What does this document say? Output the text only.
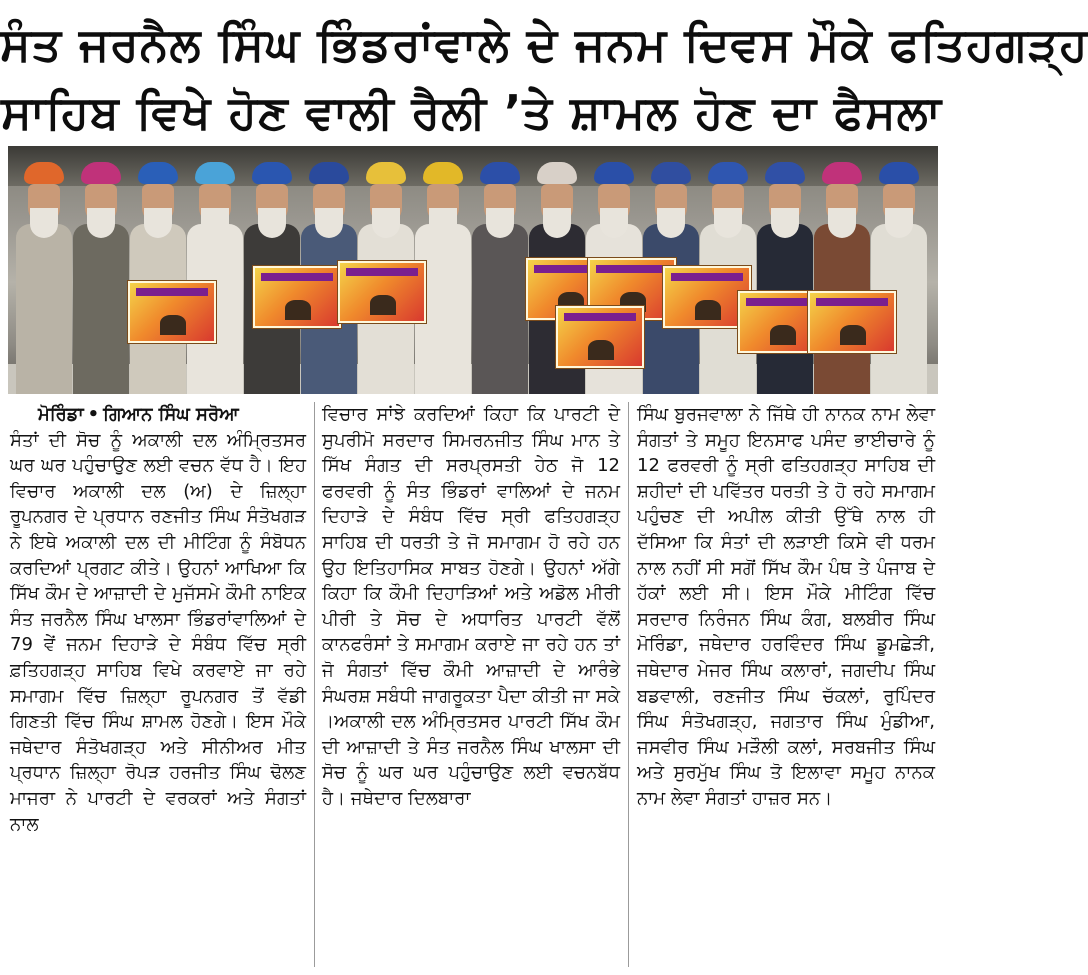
ਸੰਤ ਜਰਨੈਲ ਸਿੰਘ ਭਿੰਡਰਾਂਵਾਲੇ ਦੇ ਜਨਮ ਦਿਵਸ ਮੌਕੇ ਫਤਿਹਗੜ੍ਹ
ਸਾਹਿਬ ਵਿਖੇ ਹੋਣ ਵਾਲੀ ਰੈਲੀ ’ਤੇ ਸ਼ਾਮਲ ਹੋਣ ਦਾ ਫੈਸਲਾ
ਮੋਰਿੰਡਾ • ਗਿਆਨ ਸਿੰਘ ਸਰੋਆ
ਸੰਤਾਂ ਦੀ ਸੋਚ ਨੂੰ ਅਕਾਲੀ ਦਲ ਅੰਮ੍ਰਿਤਸਰ ਘਰ ਘਰ ਪਹੁੰਚਾਉਣ ਲਈ ਵਚਨ ਵੱਧ ਹੈ। ਇਹ ਵਿਚਾਰ ਅਕਾਲੀ ਦਲ (ਅ) ਦੇ ਜ਼ਿਲ੍ਹਾ ਰੂਪਨਗਰ ਦੇ ਪ੍ਰਧਾਨ ਰਣਜੀਤ ਸਿੰਘ ਸੰਤੋਖਗੜ ਨੇ ਇਥੇ ਅਕਾਲੀ ਦਲ ਦੀ ਮੀਟਿੰਗ ਨੂੰ ਸੰਬੋਧਨ ਕਰਦਿਆਂ ਪ੍ਰਗਟ ਕੀਤੇ। ਉਹਨਾਂ ਆਖਿਆ ਕਿ ਸਿੱਖ ਕੌਮ ਦੇ ਆਜ਼ਾਦੀ ਦੇ ਮੁਜੱਸਮੇ ਕੌਮੀ ਨਾਇਕ ਸੰਤ ਜਰਨੈਲ ਸਿੰਘ ਖਾਲਸਾ ਭਿੰਡਰਾਂਵਾਲਿਆਂ ਦੇ 79 ਵੇਂ ਜਨਮ ਦਿਹਾੜੇ ਦੇ ਸੰਬੰਧ ਵਿੱਚ ਸ੍ਰੀ ਫ਼ਤਿਹਗੜ੍ਹ ਸਾਹਿਬ ਵਿਖੇ ਕਰਵਾਏ ਜਾ ਰਹੇ ਸਮਾਗਮ ਵਿੱਚ ਜ਼ਿਲ੍ਹਾ ਰੂਪਨਗਰ ਤੋਂ ਵੱਡੀ ਗਿਣਤੀ ਵਿੱਚ ਸਿੰਘ ਸ਼ਾਮਲ ਹੋਣਗੇ। ਇਸ ਮੌਕੇ ਜਥੇਦਾਰ ਸੰਤੋਖਗੜ੍ਹ ਅਤੇ ਸੀਨੀਅਰ ਮੀਤ ਪ੍ਰਧਾਨ ਜ਼ਿਲ੍ਹਾ ਰੋਪੜ ਹਰਜੀਤ ਸਿੰਘ ਢੋਲਣ ਮਾਜਰਾ ਨੇ ਪਾਰਟੀ ਦੇ ਵਰਕਰਾਂ ਅਤੇ ਸੰਗਤਾਂ ਨਾਲ
ਵਿਚਾਰ ਸਾਂਝੇ ਕਰਦਿਆਂ ਕਿਹਾ ਕਿ ਪਾਰਟੀ ਦੇ ਸੁਪਰੀਮੋ ਸਰਦਾਰ ਸਿਮਰਨਜੀਤ ਸਿੰਘ ਮਾਨ ਤੇ ਸਿੱਖ ਸੰਗਤ ਦੀ ਸਰਪ੍ਰਸਤੀ ਹੇਠ ਜੋ 12 ਫਰਵਰੀ ਨੂੰ ਸੰਤ ਭਿੰਡਰਾਂ ਵਾਲਿਆਂ ਦੇ ਜਨਮ ਦਿਹਾੜੇ ਦੇ ਸੰਬੰਧ ਵਿੱਚ ਸ੍ਰੀ ਫਤਿਹਗੜ੍ਹ ਸਾਹਿਬ ਦੀ ਧਰਤੀ ਤੇ ਜੋ ਸਮਾਗਮ ਹੋ ਰਹੇ ਹਨ ਉਹ ਇਤਿਹਾਸਿਕ ਸਾਬਤ ਹੋਣਗੇ। ਉਹਨਾਂ ਅੱਗੇ ਕਿਹਾ ਕਿ ਕੌਮੀ ਦਿਹਾੜਿਆਂ ਅਤੇ ਅਡੋਲ ਮੀਰੀ ਪੀਰੀ ਤੇ ਸੋਚ ਦੇ ਅਧਾਰਿਤ ਪਾਰਟੀ ਵੱਲੋਂ ਕਾਨਫਰੰਸਾਂ ਤੇ ਸਮਾਗਮ ਕਰਾਏ ਜਾ ਰਹੇ ਹਨ ਤਾਂ ਜੋ ਸੰਗਤਾਂ ਵਿੱਚ ਕੌਮੀ ਆਜ਼ਾਦੀ ਦੇ ਆਰੰਭੇ ਸੰਘਰਸ਼ ਸਬੰਧੀ ਜਾਗਰੂਕਤਾ ਪੈਦਾ ਕੀਤੀ ਜਾ ਸਕੇ ।ਅਕਾਲੀ ਦਲ ਅੰਮ੍ਰਿਤਸਰ ਪਾਰਟੀ ਸਿੱਖ ਕੌਮ ਦੀ ਆਜ਼ਾਦੀ ਤੇ ਸੰਤ ਜਰਨੈਲ ਸਿੰਘ ਖਾਲਸਾ ਦੀ ਸੋਚ ਨੂੰ ਘਰ ਘਰ ਪਹੁੰਚਾਉਣ ਲਈ ਵਚਨਬੱਧ ਹੈ। ਜਥੇਦਾਰ ਦਿਲਬਾਰਾ
ਸਿੰਘ ਬੁਰਜਵਾਲਾ ਨੇ ਜਿੱਥੇ ਹੀ ਨਾਨਕ ਨਾਮ ਲੇਵਾ ਸੰਗਤਾਂ ਤੇ ਸਮੂਹ ਇਨਸਾਫ ਪਸੰਦ ਭਾਈਚਾਰੇ ਨੂੰ 12 ਫਰਵਰੀ ਨੂੰ ਸ੍ਰੀ ਫਤਿਹਗੜ੍ਹ ਸਾਹਿਬ ਦੀ ਸ਼ਹੀਦਾਂ ਦੀ ਪਵਿੱਤਰ ਧਰਤੀ ਤੇ ਹੋ ਰਹੇ ਸਮਾਗਮ ਪਹੁੰਚਣ ਦੀ ਅਪੀਲ ਕੀਤੀ ਉੱਥੇ ਨਾਲ ਹੀ ਦੱਸਿਆ ਕਿ ਸੰਤਾਂ ਦੀ ਲੜਾਈ ਕਿਸੇ ਵੀ ਧਰਮ ਨਾਲ ਨਹੀਂ ਸੀ ਸਗੋਂ ਸਿੱਖ ਕੌਮ ਪੰਥ ਤੇ ਪੰਜਾਬ ਦੇ ਹੱਕਾਂ ਲਈ ਸੀ। ਇਸ ਮੌਕੇ ਮੀਟਿੰਗ ਵਿੱਚ ਸਰਦਾਰ ਨਿਰੰਜਨ ਸਿੰਘ ਕੰਗ, ਬਲਬੀਰ ਸਿੰਘ ਮੋਰਿੰਡਾ, ਜਥੇਦਾਰ ਹਰਵਿੰਦਰ ਸਿੰਘ ਡੂਮਛੇੜੀ, ਜਥੇਦਾਰ ਮੇਜਰ ਸਿੰਘ ਕਲਾਰਾਂ, ਜਗਦੀਪ ਸਿੰਘ ਬਡਵਾਲੀ, ਰਣਜੀਤ ਸਿੰਘ ਚੱਕਲਾਂ, ਰੁਪਿੰਦਰ ਸਿੰਘ ਸੰਤੋਖਗੜ੍ਹ, ਜਗਤਾਰ ਸਿੰਘ ਮੁੰਡੀਆ, ਜਸਵੀਰ ਸਿੰਘ ਮੜੌਲੀ ਕਲਾਂ, ਸਰਬਜੀਤ ਸਿੰਘ ਅਤੇ ਸੁਰਮੁੱਖ ਸਿੰਘ ਤੋ ਇਲਾਵਾ ਸਮੂਹ ਨਾਨਕ ਨਾਮ ਲੇਵਾ ਸੰਗਤਾਂ ਹਾਜ਼ਰ ਸਨ।
